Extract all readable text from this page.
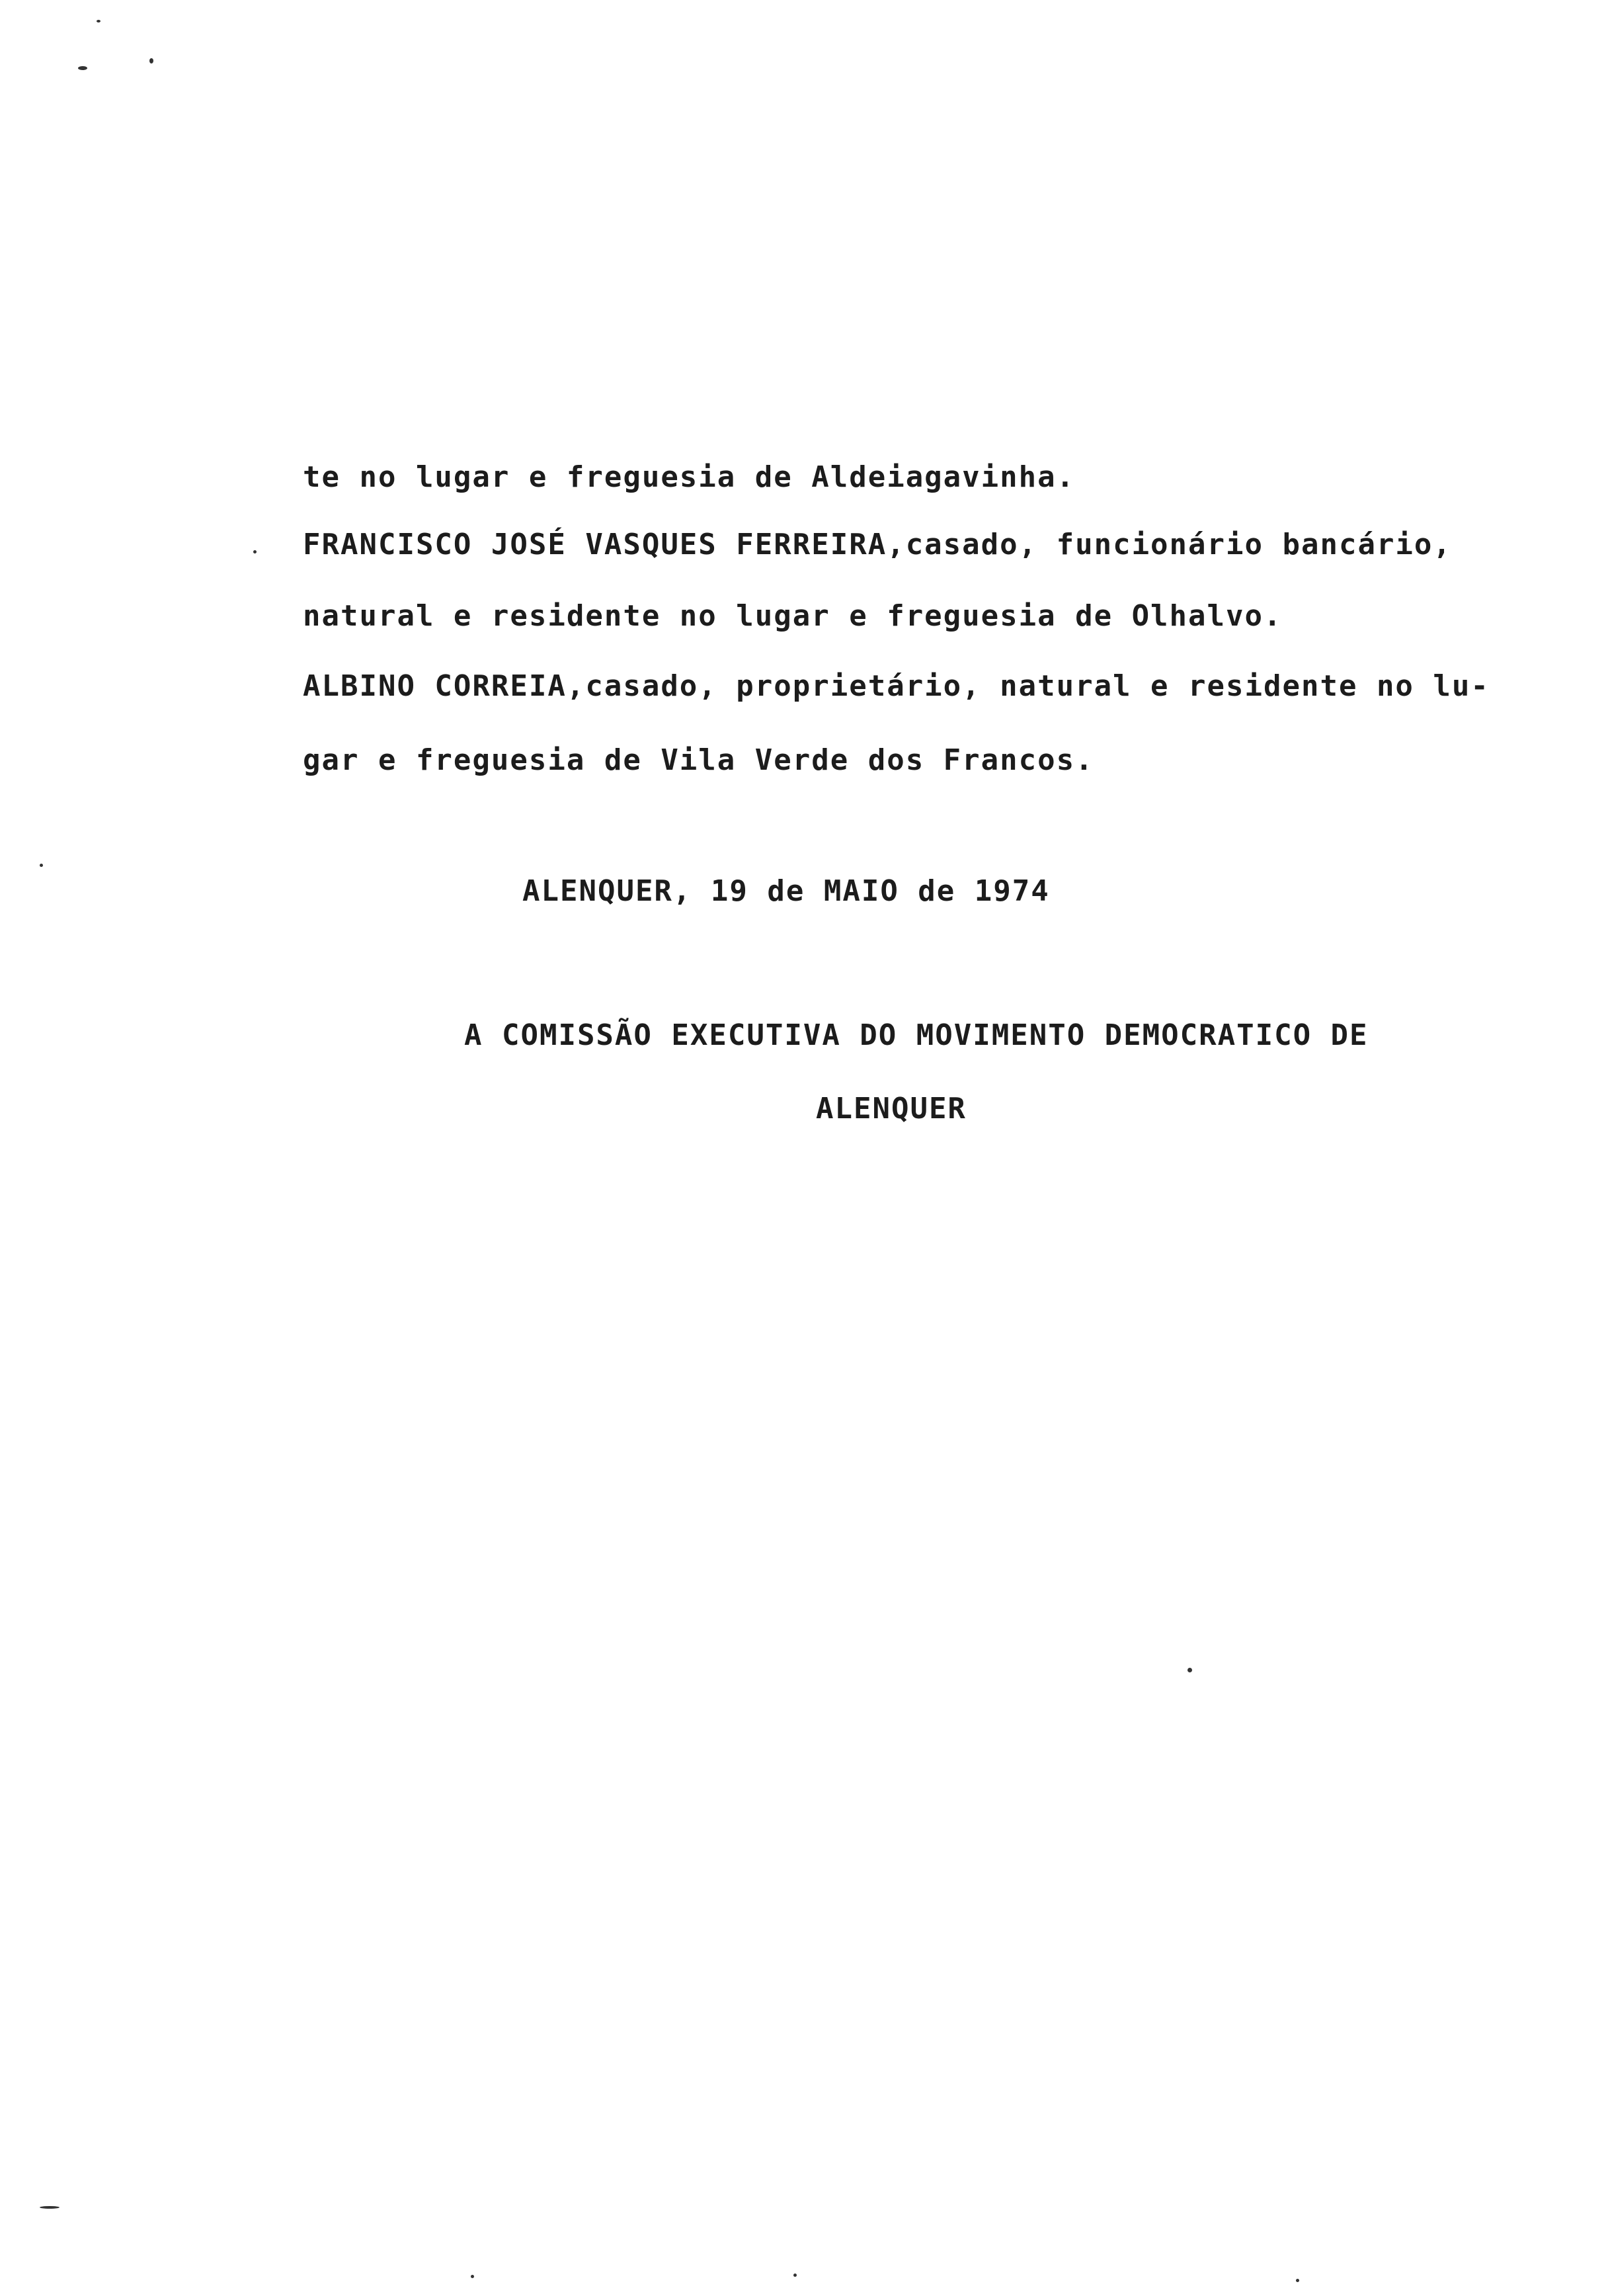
te no lugar e freguesia de Aldeiagavinha.
FRANCISCO JOSÉ VASQUES FERREIRA,casado, funcionário bancário,
natural e residente no lugar e freguesia de Olhalvo.
ALBINO CORREIA,casado, proprietário, natural e residente no lu-
gar e freguesia de Vila Verde dos Francos.
ALENQUER, 19 de MAIO de 1974
A COMISSÃO EXECUTIVA DO MOVIMENTO DEMOCRATICO DE
ALENQUER
